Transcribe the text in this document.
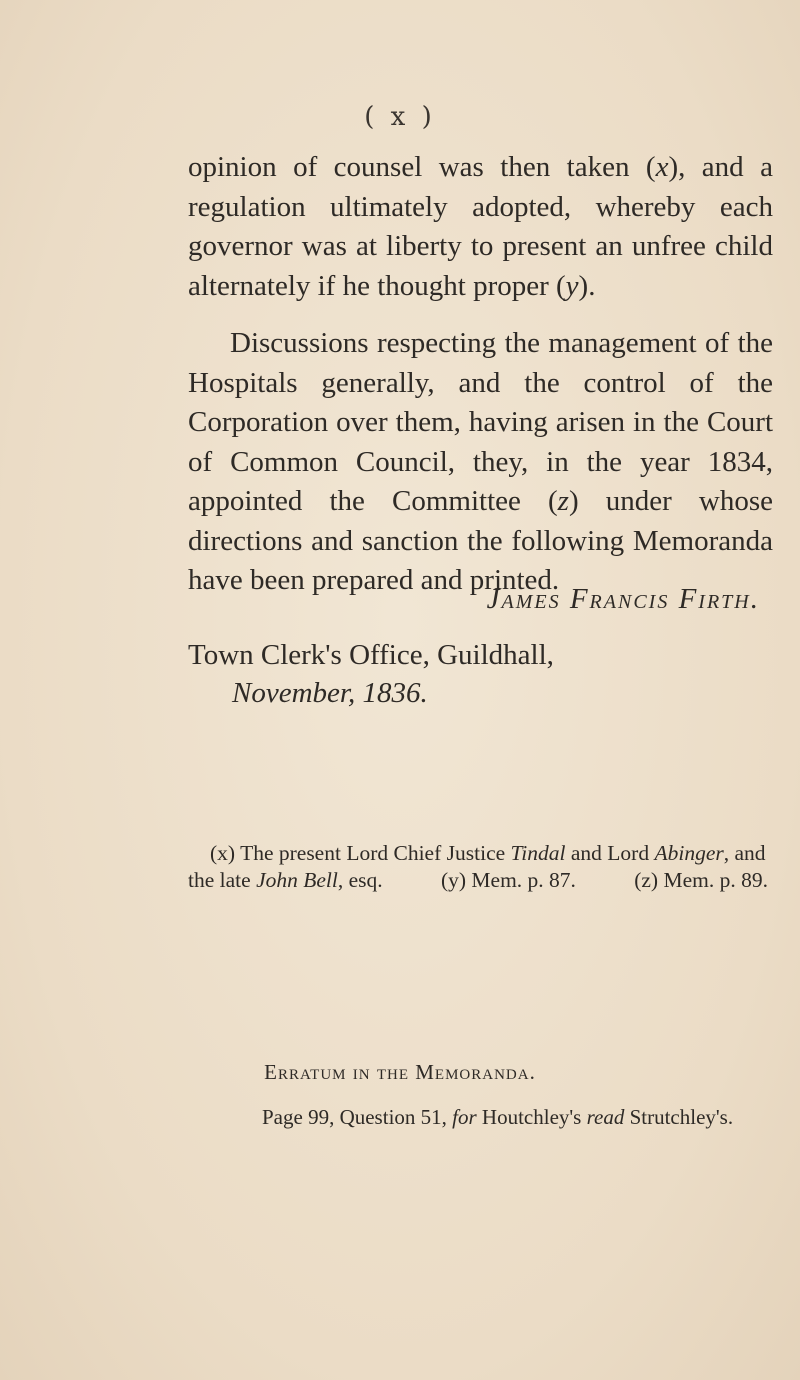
( x )
opinion of counsel was then taken (x), and a regulation ultimately adopted, whereby each governor was at liberty to present an unfree child alternately if he thought proper (y).
Discussions respecting the management of the Hospitals generally, and the control of the Corporation over them, having arisen in the Court of Common Council, they, in the year 1834, appointed the Committee (z) under whose directions and sanction the following Memoranda have been prepared and printed.
James Francis Firth.
Town Clerk's Office, Guildhall,
November, 1836.
(x) The present Lord Chief Justice Tindal and Lord Abinger, and
the late John Bell, esq.	(y) Mem. p. 87.	(z) Mem. p. 89.
Erratum in the Memoranda.
Page 99, Question 51, for Houtchley's read Strutchley's.
